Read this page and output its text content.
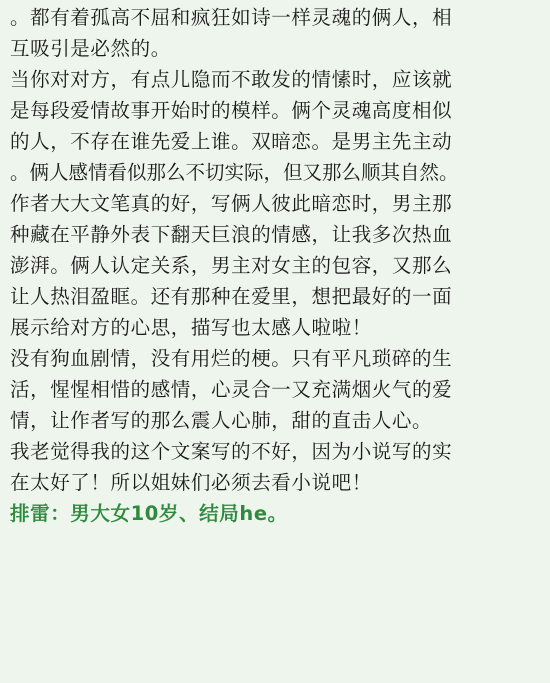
。都有着孤高不屈和疯狂如诗一样灵魂的俩人，相
互吸引是必然的。
当你对对方，有点儿隐而不敢发的情愫时，应该就
是每段爱情故事开始时的模样。俩个灵魂高度相似
的人，不存在谁先爱上谁。双暗恋。是男主先主动
。俩人感情看似那么不切实际，但又那么顺其自然。
作者大大文笔真的好，写俩人彼此暗恋时，男主那
种藏在平静外表下翻天巨浪的情感，让我多次热血
澎湃。俩人认定关系，男主对女主的包容，又那么
让人热泪盈眶。还有那种在爱里，想把最好的一面
展示给对方的心思，描写也太感人啦啦！
没有狗血剧情，没有用烂的梗。只有平凡琐碎的生
活，惺惺相惜的感情，心灵合一又充满烟火气的爱
情，让作者写的那么震人心肺，甜的直击人心。
我老觉得我的这个文案写的不好，因为小说写的实
在太好了！所以姐妹们必须去看小说吧！
排雷：男大女10岁、结局he。
